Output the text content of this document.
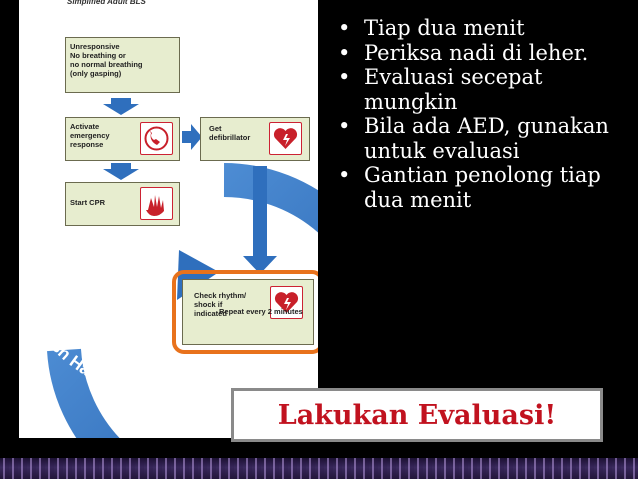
Simplified Adult BLS
Unresponsive
No breathing or
no normal breathing
(only gasping)
Activate
emergency
response
Get
defibrillator
Start CPR
Check rhythm/
shock if
indicated
Repeat every 2 minutes
Push Hard • Push Fast
• Tiap dua menit
• Periksa nadi di leher.
• Evaluasi secepat mungkin
• Bila ada AED, gunakan untuk evaluasi
• Gantian penolong tiap dua menit
Lakukan Evaluasi!
